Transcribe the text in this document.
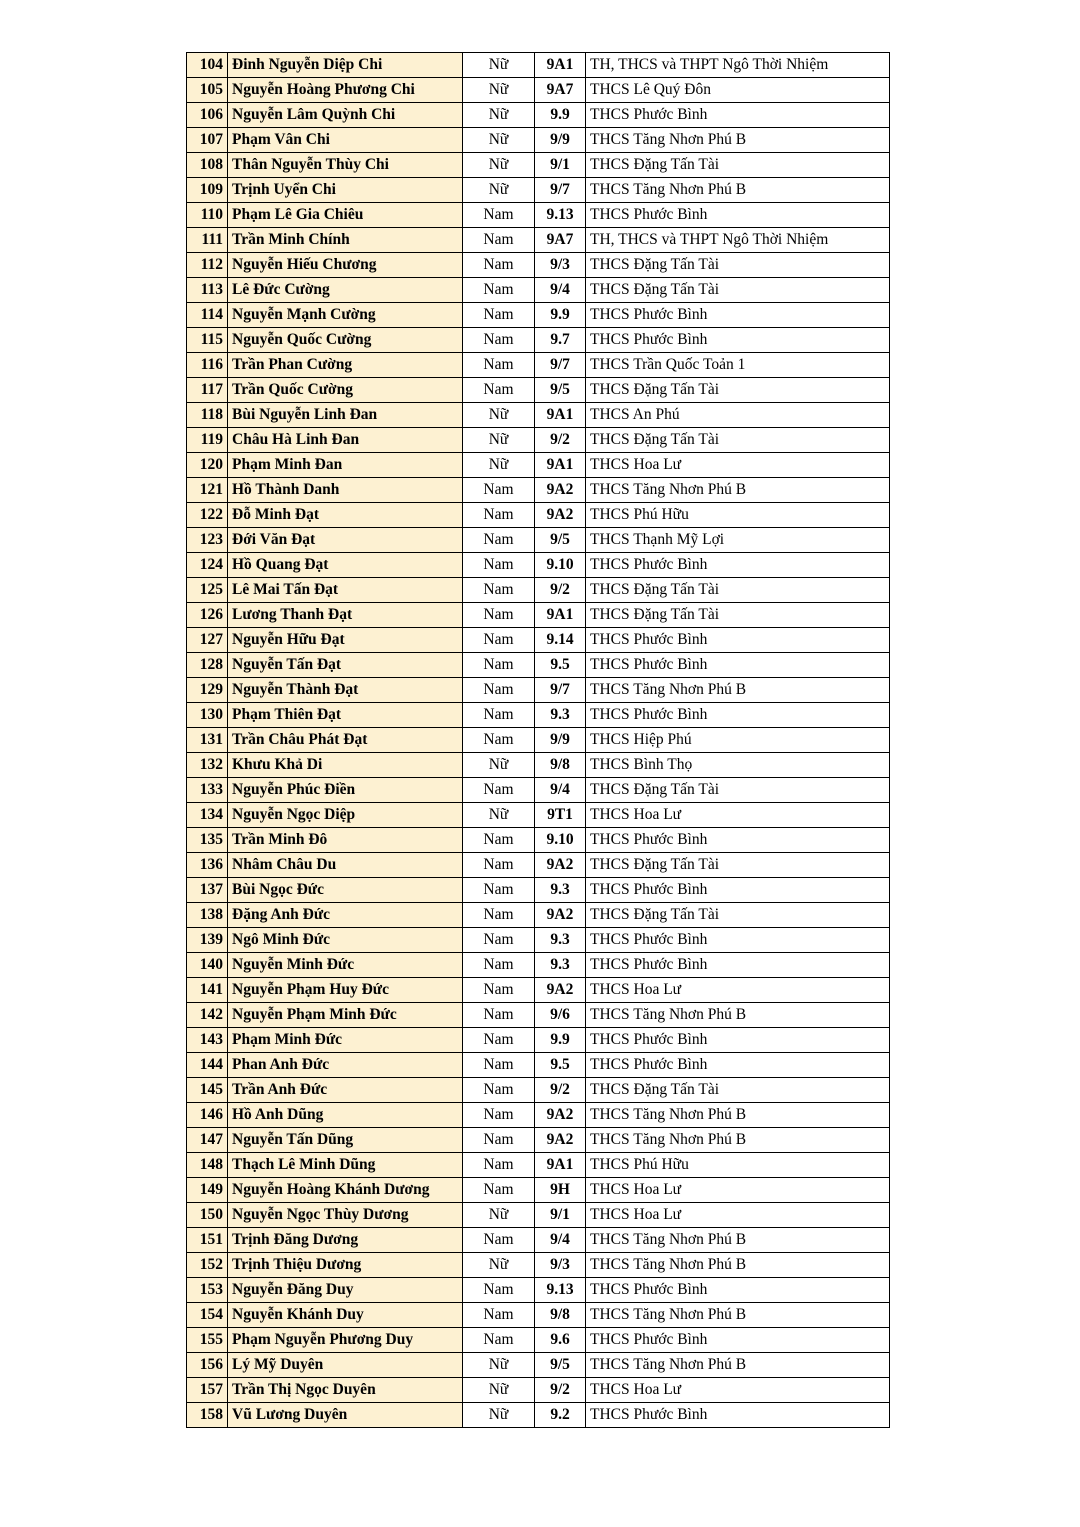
104	Đinh Nguyễn Diệp Chi	Nữ	9A1	TH, THCS và THPT Ngô Thời Nhiệm
105	Nguyễn Hoàng Phương Chi	Nữ	9A7	THCS Lê Quý Đôn
106	Nguyễn Lâm Quỳnh Chi	Nữ	9.9	THCS Phước Bình
107	Phạm Vân Chi	Nữ	9/9	THCS Tăng Nhơn Phú B
108	Thân Nguyễn Thùy Chi	Nữ	9/1	THCS Đặng Tấn Tài
109	Trịnh Uyển Chi	Nữ	9/7	THCS Tăng Nhơn Phú B
110	Phạm Lê Gia Chiêu	Nam	9.13	THCS Phước Bình
111	Trần Minh Chính	Nam	9A7	TH, THCS và THPT Ngô Thời Nhiệm
112	Nguyễn Hiếu Chương	Nam	9/3	THCS Đặng Tấn Tài
113	Lê Đức Cường	Nam	9/4	THCS Đặng Tấn Tài
114	Nguyễn Mạnh Cường	Nam	9.9	THCS Phước Bình
115	Nguyễn Quốc Cường	Nam	9.7	THCS Phước Bình
116	Trần Phan Cường	Nam	9/7	THCS Trần Quốc Toản 1
117	Trần Quốc Cường	Nam	9/5	THCS Đặng Tấn Tài
118	Bùi Nguyễn Linh Đan	Nữ	9A1	THCS An Phú
119	Châu Hà Linh Đan	Nữ	9/2	THCS Đặng Tấn Tài
120	Phạm Minh Đan	Nữ	9A1	THCS Hoa Lư
121	Hồ Thành Danh	Nam	9A2	THCS Tăng Nhơn Phú B
122	Đỗ Minh Đạt	Nam	9A2	THCS Phú Hữu
123	Đới Văn Đạt	Nam	9/5	THCS Thạnh Mỹ Lợi
124	Hồ Quang Đạt	Nam	9.10	THCS Phước Bình
125	Lê Mai Tấn Đạt	Nam	9/2	THCS Đặng Tấn Tài
126	Lương Thanh Đạt	Nam	9A1	THCS Đặng Tấn Tài
127	Nguyễn Hữu Đạt	Nam	9.14	THCS Phước Bình
128	Nguyễn Tấn Đạt	Nam	9.5	THCS Phước Bình
129	Nguyễn Thành Đạt	Nam	9/7	THCS Tăng Nhơn Phú B
130	Phạm Thiên Đạt	Nam	9.3	THCS Phước Bình
131	Trần Châu Phát Đạt	Nam	9/9	THCS Hiệp Phú
132	Khưu Khả Di	Nữ	9/8	THCS Bình Thọ
133	Nguyễn Phúc Điền	Nam	9/4	THCS Đặng Tấn Tài
134	Nguyễn Ngọc Diệp	Nữ	9T1	THCS Hoa Lư
135	Trần Minh Đô	Nam	9.10	THCS Phước Bình
136	Nhâm Châu Du	Nam	9A2	THCS Đặng Tấn Tài
137	Bùi Ngọc Đức	Nam	9.3	THCS Phước Bình
138	Đặng Anh Đức	Nam	9A2	THCS Đặng Tấn Tài
139	Ngô Minh Đức	Nam	9.3	THCS Phước Bình
140	Nguyễn Minh Đức	Nam	9.3	THCS Phước Bình
141	Nguyễn Phạm Huy Đức	Nam	9A2	THCS Hoa Lư
142	Nguyễn Phạm Minh Đức	Nam	9/6	THCS Tăng Nhơn Phú B
143	Phạm Minh Đức	Nam	9.9	THCS Phước Bình
144	Phan Anh Đức	Nam	9.5	THCS Phước Bình
145	Trần Anh Đức	Nam	9/2	THCS Đặng Tấn Tài
146	Hồ Anh Dũng	Nam	9A2	THCS Tăng Nhơn Phú B
147	Nguyễn Tấn Dũng	Nam	9A2	THCS Tăng Nhơn Phú B
148	Thạch Lê Minh Dũng	Nam	9A1	THCS Phú Hữu
149	Nguyễn Hoàng Khánh Dương	Nam	9H	THCS Hoa Lư
150	Nguyễn Ngọc Thùy Dương	Nữ	9/1	THCS Hoa Lư
151	Trịnh Đăng Dương	Nam	9/4	THCS Tăng Nhơn Phú B
152	Trịnh Thiệu Dương	Nữ	9/3	THCS Tăng Nhơn Phú B
153	Nguyễn Đăng Duy	Nam	9.13	THCS Phước Bình
154	Nguyễn Khánh Duy	Nam	9/8	THCS Tăng Nhơn Phú B
155	Phạm Nguyễn Phương Duy	Nam	9.6	THCS Phước Bình
156	Lý Mỹ Duyên	Nữ	9/5	THCS Tăng Nhơn Phú B
157	Trần Thị Ngọc Duyên	Nữ	9/2	THCS Hoa Lư
158	Vũ Lương Duyên	Nữ	9.2	THCS Phước Bình
